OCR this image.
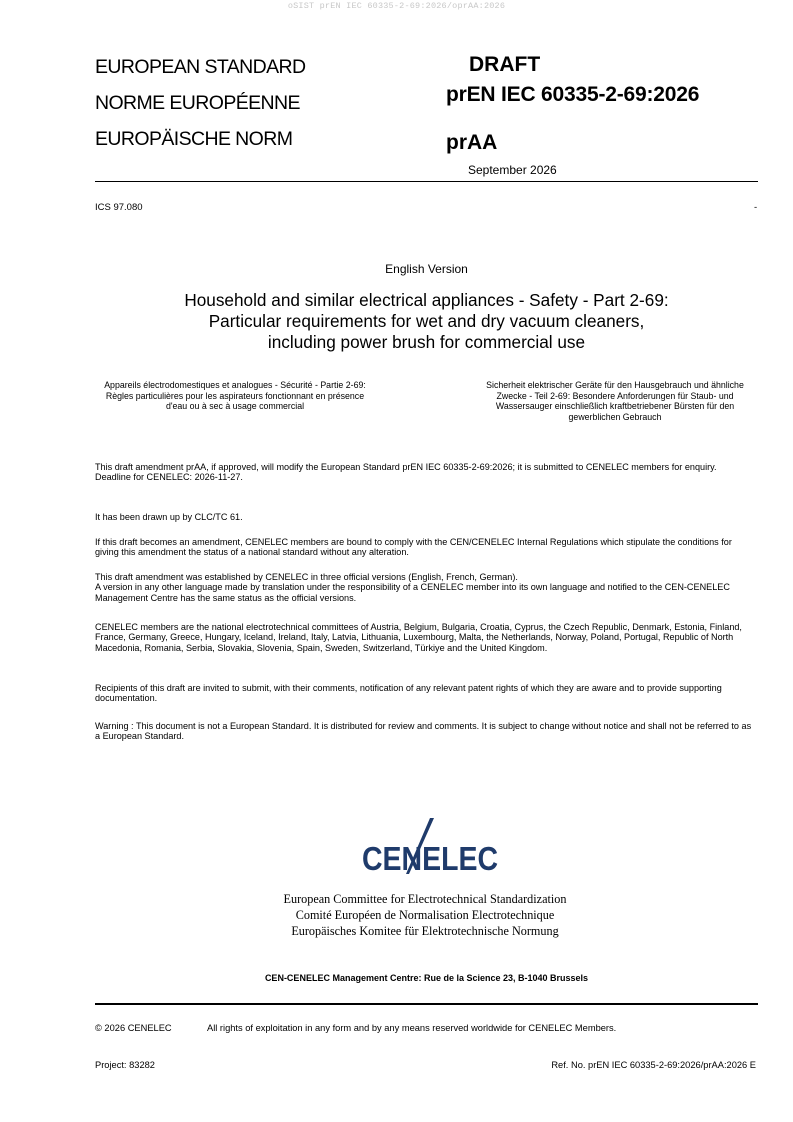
oSIST prEN IEC 60335-2-69:2026/oprAA:2026
EUROPEAN STANDARD
NORME EUROPÉENNE
EUROPÄISCHE NORM
DRAFT
prEN IEC 60335-2-69:2026
prAA
September 2026
ICS 97.080	-
English Version
Household and similar electrical appliances - Safety - Part 2-69:
Particular requirements for wet and dry vacuum cleaners,
including power brush for commercial use
Appareils électrodomestiques et analogues - Sécurité - Partie 2-69: Règles particulières pour les aspirateurs fonctionnant en présence d'eau ou à sec à usage commercial
Sicherheit elektrischer Geräte für den Hausgebrauch und ähnliche Zwecke - Teil 2-69: Besondere Anforderungen für Staub- und Wassersauger einschließlich kraftbetriebener Bürsten für den gewerblichen Gebrauch
This draft amendment prAA, if approved, will modify the European Standard prEN IEC 60335-2-69:2026; it is submitted to CENELEC members for enquiry.
Deadline for CENELEC: 2026-11-27.
It has been drawn up by CLC/TC 61.
If this draft becomes an amendment, CENELEC members are bound to comply with the CEN/CENELEC Internal Regulations which stipulate the conditions for giving this amendment the status of a national standard without any alteration.
This draft amendment was established by CENELEC in three official versions (English, French, German).
A version in any other language made by translation under the responsibility of a CENELEC member into its own language and notified to the CEN-CENELEC Management Centre has the same status as the official versions.
CENELEC members are the national electrotechnical committees of Austria, Belgium, Bulgaria, Croatia, Cyprus, the Czech Republic, Denmark, Estonia, Finland, France, Germany, Greece, Hungary, Iceland, Ireland, Italy, Latvia, Lithuania, Luxembourg, Malta, the Netherlands, Norway, Poland, Portugal, Republic of North Macedonia, Romania, Serbia, Slovakia, Slovenia, Spain, Sweden, Switzerland, Türkiye and the United Kingdom.
Recipients of this draft are invited to submit, with their comments, notification of any relevant patent rights of which they are aware and to provide supporting documentation.
Warning : This document is not a European Standard. It is distributed for review and comments. It is subject to change without notice and shall not be referred to as a European Standard.
CENELEC
European Committee for Electrotechnical Standardization
Comité Européen de Normalisation Electrotechnique
Europäisches Komitee für Elektrotechnische Normung
CEN-CENELEC Management Centre: Rue de la Science 23, B-1040 Brussels
© 2026 CENELEC	All rights of exploitation in any form and by any means reserved worldwide for CENELEC Members.
Project: 83282	Ref. No. prEN IEC 60335-2-69:2026/prAA:2026 E
